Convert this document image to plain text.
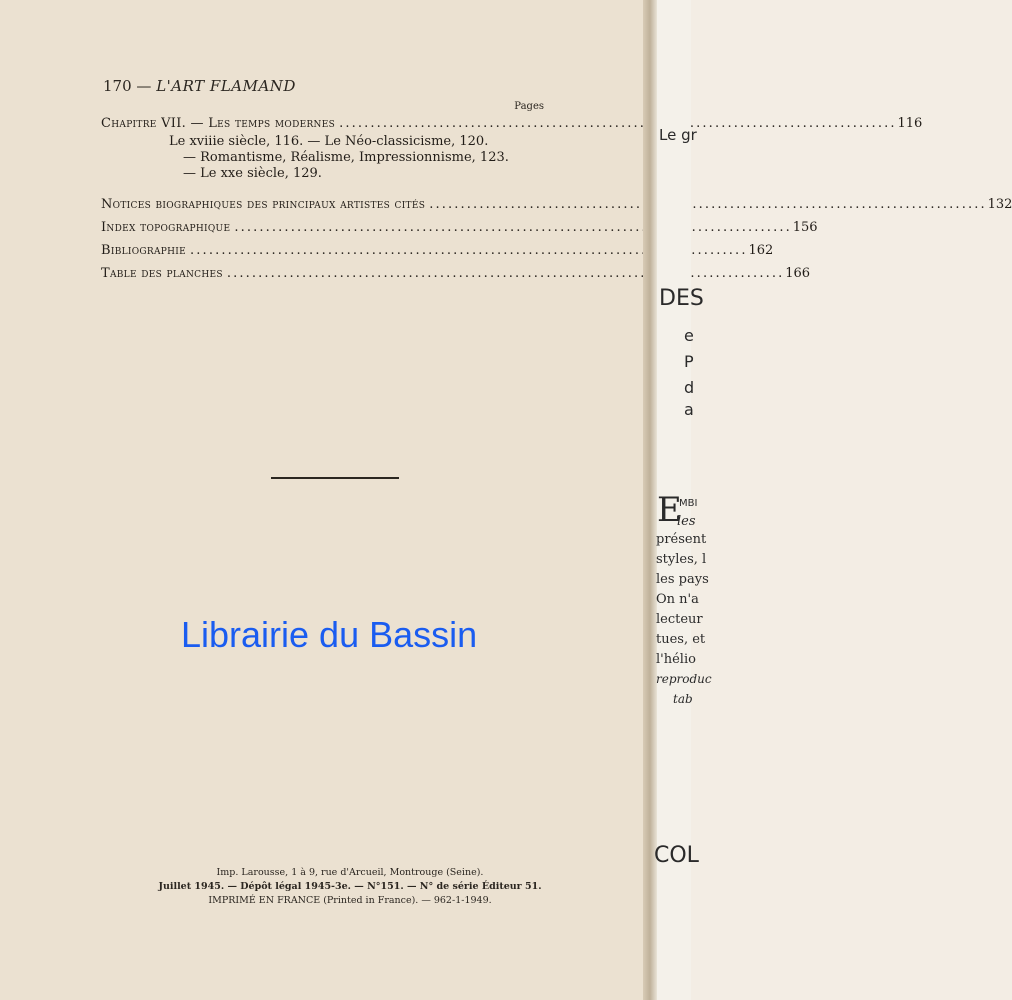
170 — L'ART FLAMAND
Pages
Chapitre VII. — Les temps modernes . . .	116
Le xviiie siècle, 116. — Le Néo-classicisme, 120.
— Romantisme, Réalisme, Impressionnisme, 123.
— Le xxe siècle, 129.
Notices biographiques des principaux artistes cités . . .	132
Index topographique . . .	156
Bibliographie . . .	162
Table des planches . . .	166
Imp. Larousse, 1 à 9, rue d'Arcueil, Montrouge (Seine).
Juillet 1945. — Dépôt légal 1945-3e. — N°151. — N° de série Éditeur 51.
IMPRIMÉ EN FRANCE (Printed in France). — 962-1-1949.
Le gr
DES
e
P
d
a
E
MBI
les
présent
styles, l
les pays
On n'a
lecteur
tues, et
l'hélio
reproduc
tab
COL
Librairie du Bassin
